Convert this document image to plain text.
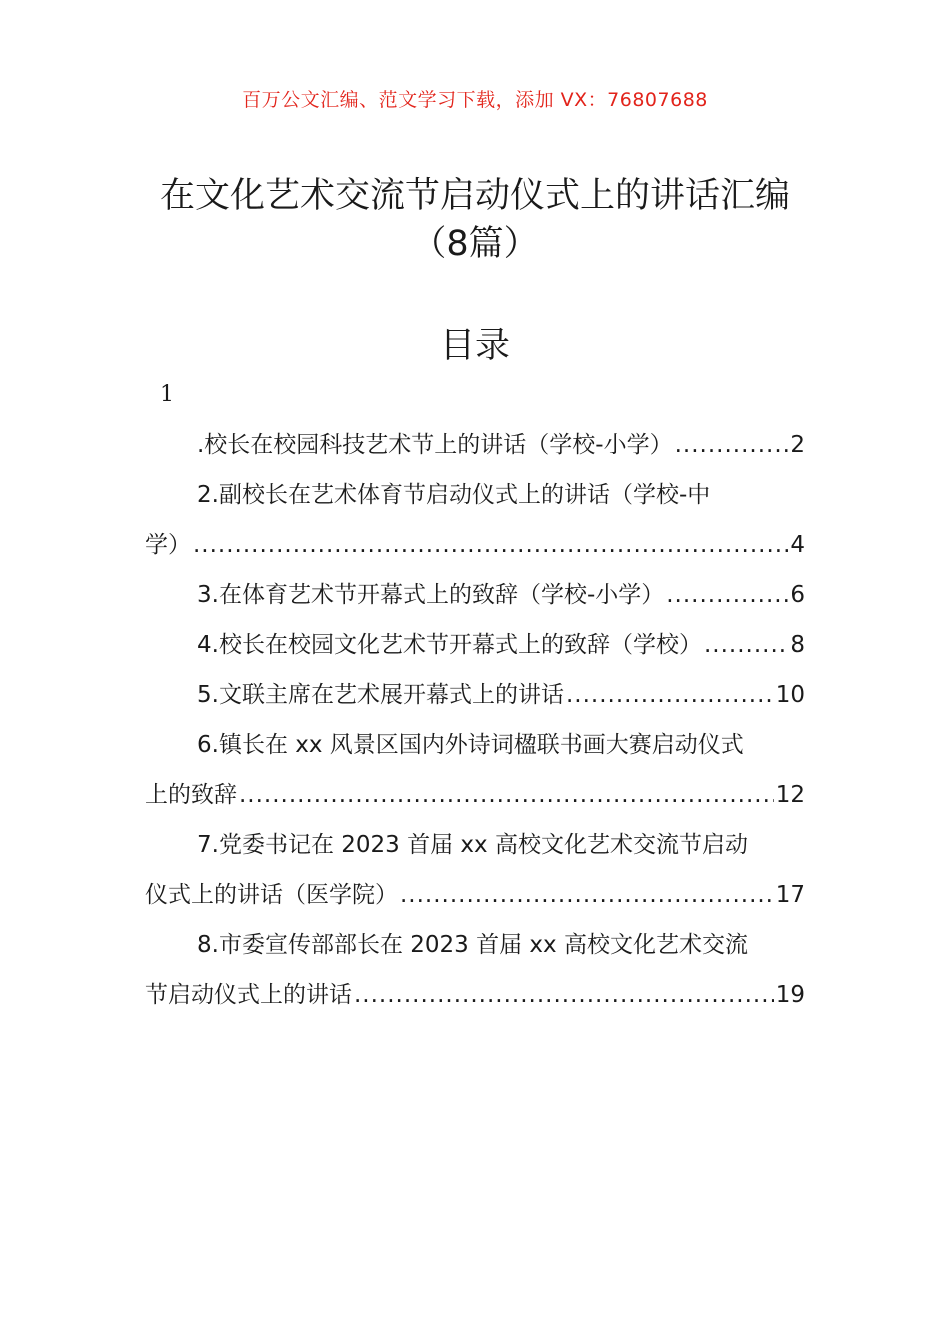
百万公文汇编、范文学习下载，添加 VX：76807688
在文化艺术交流节启动仪式上的讲话汇编
（8篇）
目录
1
.校长在校园科技艺术节上的讲话（学校-小学） .....	2
2.副校长在艺术体育节启动仪式上的讲话（学校-中
学） .....	4
3.在体育艺术节开幕式上的致辞（学校-小学） .....	6
4.校长在校园文化艺术节开幕式上的致辞（学校） .....	8
5.文联主席在艺术展开幕式上的讲话 .....	10
6.镇长在 xx 风景区国内外诗词楹联书画大赛启动仪式
上的致辞 .....	12
7.党委书记在 2023 首届 xx 高校文化艺术交流节启动
仪式上的讲话（医学院） .....	17
8.市委宣传部部长在 2023 首届 xx 高校文化艺术交流
节启动仪式上的讲话 .....	19
